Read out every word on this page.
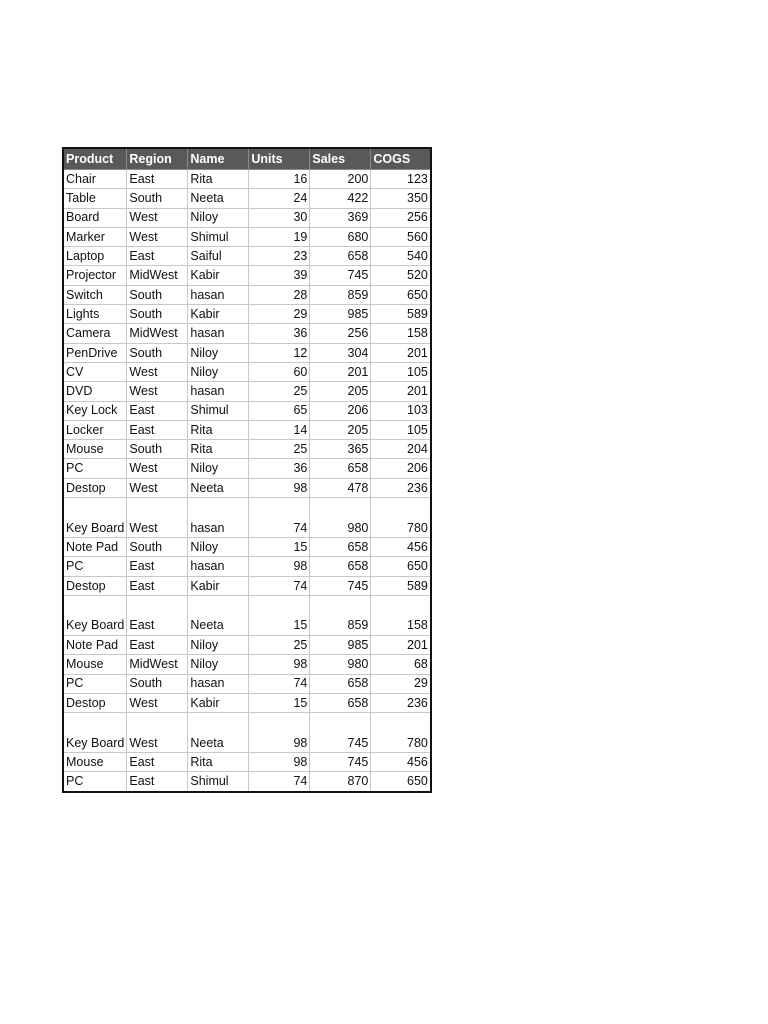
Product	Region	Name	Units	Sales	COGS
Chair	East	Rita	16	200	123
Table	South	Neeta	24	422	350
Board	West	Niloy	30	369	256
Marker	West	Shimul	19	680	560
Laptop	East	Saiful	23	658	540
Projector	MidWest	Kabir	39	745	520
Switch	South	hasan	28	859	650
Lights	South	Kabir	29	985	589
Camera	MidWest	hasan	36	256	158
PenDrive	South	Niloy	12	304	201
CV	West	Niloy	60	201	105
DVD	West	hasan	25	205	201
Key Lock	East	Shimul	65	206	103
Locker	East	Rita	14	205	105
Mouse	South	Rita	25	365	204
PC	West	Niloy	36	658	206
Destop	West	Neeta	98	478	236
Key Board	West	hasan	74	980	780
Note Pad	South	Niloy	15	658	456
PC	East	hasan	98	658	650
Destop	East	Kabir	74	745	589
Key Board	East	Neeta	15	859	158
Note Pad	East	Niloy	25	985	201
Mouse	MidWest	Niloy	98	980	68
PC	South	hasan	74	658	29
Destop	West	Kabir	15	658	236
Key Board	West	Neeta	98	745	780
Mouse	East	Rita	98	745	456
PC	East	Shimul	74	870	650
